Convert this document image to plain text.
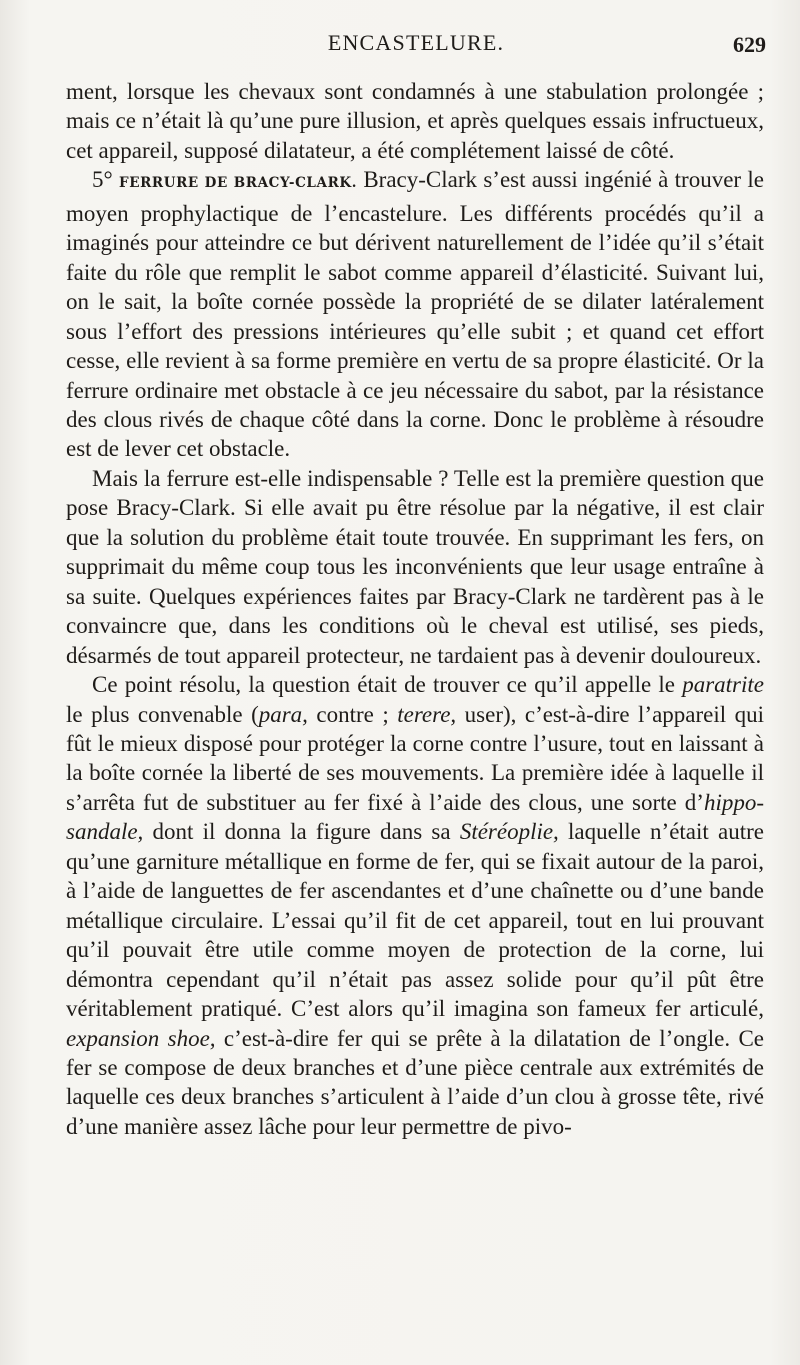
ENCASTELURE.	629

ment, lorsque les chevaux sont condamnés à une stabulation prolongée ; mais ce n’était là qu’une pure illusion, et après quelques essais infructueux, cet appareil, supposé dilatateur, a été complétement laissé de côté.

5° FERRURE DE BRACY-CLARK. Bracy-Clark s’est aussi ingénié à trouver le moyen prophylactique de l’encastelure. Les différents procédés qu’il a imaginés pour atteindre ce but dérivent naturellement de l’idée qu’il s’était faite du rôle que remplit le sabot comme appareil d’élasticité. Suivant lui, on le sait, la boîte cornée possède la propriété de se dilater latéralement sous l’effort des pressions intérieures qu’elle subit ; et quand cet effort cesse, elle revient à sa forme première en vertu de sa propre élasticité. Or la ferrure ordinaire met obstacle à ce jeu nécessaire du sabot, par la résistance des clous rivés de chaque côté dans la corne. Donc le problème à résoudre est de lever cet obstacle.

Mais la ferrure est-elle indispensable ? Telle est la première question que pose Bracy-Clark. Si elle avait pu être résolue par la négative, il est clair que la solution du problème était toute trouvée. En supprimant les fers, on supprimait du même coup tous les inconvénients que leur usage entraîne à sa suite. Quelques expériences faites par Bracy-Clark ne tardèrent pas à le convaincre que, dans les conditions où le cheval est utilisé, ses pieds, désarmés de tout appareil protecteur, ne tardaient pas à devenir douloureux.

Ce point résolu, la question était de trouver ce qu’il appelle le paratrite le plus convenable (para, contre ; terere, user), c’est-à-dire l’appareil qui fût le mieux disposé pour protéger la corne contre l’usure, tout en laissant à la boîte cornée la liberté de ses mouvements. La première idée à laquelle il s’arrêta fut de substituer au fer fixé à l’aide des clous, une sorte d’hippo-sandale, dont il donna la figure dans sa Stéréoplie, laquelle n’était autre qu’une garniture métallique en forme de fer, qui se fixait autour de la paroi, à l’aide de languettes de fer ascendantes et d’une chaînette ou d’une bande métallique circulaire. L’essai qu’il fit de cet appareil, tout en lui prouvant qu’il pouvait être utile comme moyen de protection de la corne, lui démontra cependant qu’il n’était pas assez solide pour qu’il pût être véritablement pratiqué. C’est alors qu’il imagina son fameux fer articulé, expansion shoe, c’est-à-dire fer qui se prête à la dilatation de l’ongle. Ce fer se compose de deux branches et d’une pièce centrale aux extrémités de laquelle ces deux branches s’articulent à l’aide d’un clou à grosse tête, rivé d’une manière assez lâche pour leur permettre de pivo-
